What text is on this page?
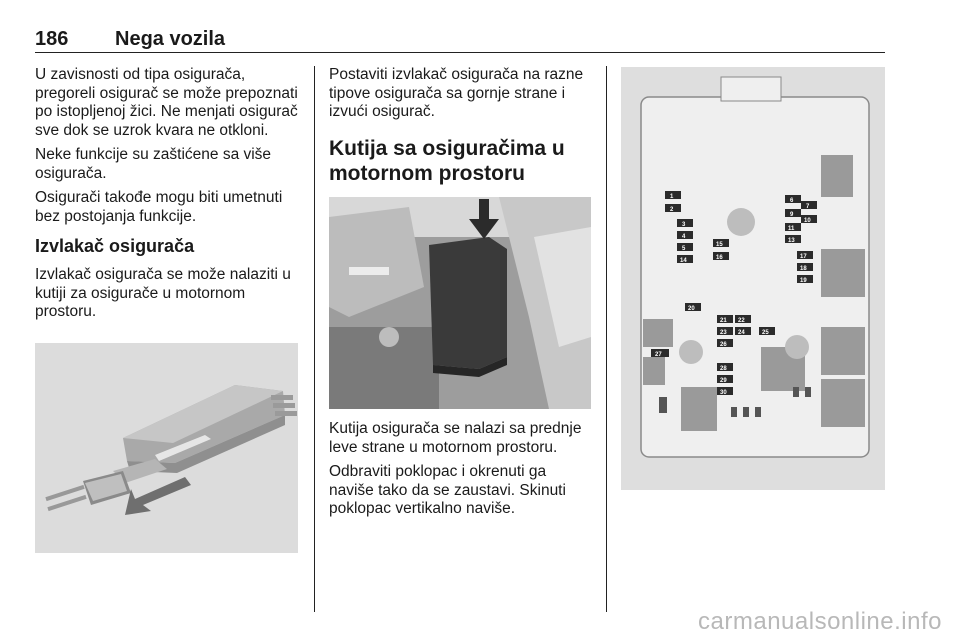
186 Nega vozila

U zavisnosti od tipa osigurača, pregoreli osigurač se može prepoznati po istopljenoj žici. Ne menjati osigurač sve dok se uzrok kvara ne otkloni.

Neke funkcije su zaštićene sa više osigurača.

Osigurači takođe mogu biti umetnuti bez postojanja funkcije.

Izvlakač osigurača

Izvlakač osigurača se može nalaziti u kutiji za osigurače u motornom prostoru.

Postaviti izvlakač osigurača na razne tipove osigurača sa gornje strane i izvući osigurač.

Kutija sa osiguračima u motornom prostoru

Kutija osigurača se nalazi sa prednje leve strane u motornom prostoru.

Odbraviti poklopac i okrenuti ga naviše tako da se zaustavi. Skinuti poklopac vertikalno naviše.

1
2
3
4
5
6
7
9
10
11
13
15
16	17
18
19
20
21 22
23 24	25
26
27
28
29
30
14
carmanualsonline.info
